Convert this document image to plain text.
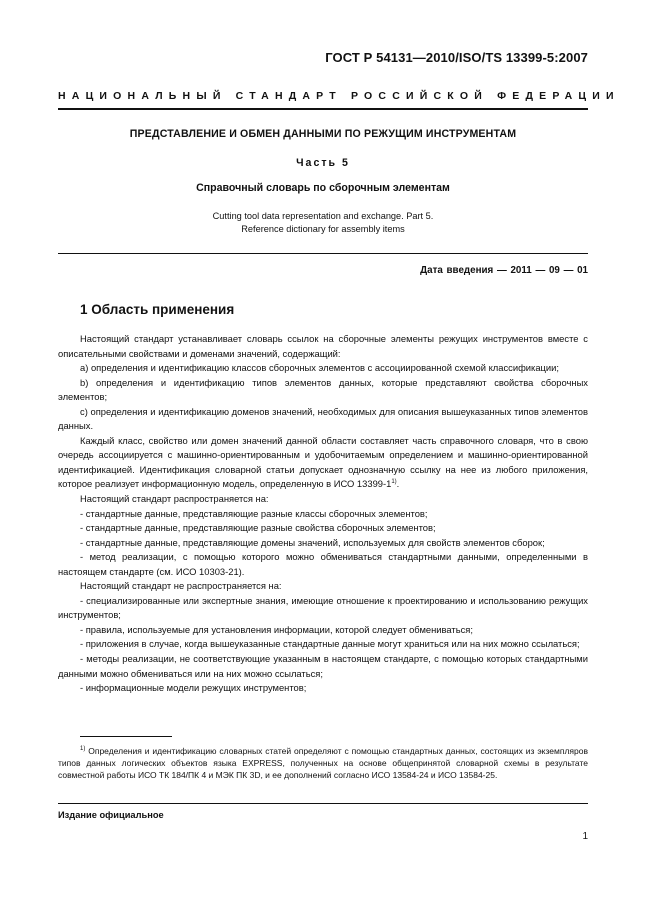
ГОСТ Р 54131—2010/ISO/TS 13399-5:2007
НАЦИОНАЛЬНЫЙ СТАНДАРТ РОССИЙСКОЙ ФЕДЕРАЦИИ
ПРЕДСТАВЛЕНИЕ И ОБМЕН ДАННЫМИ ПО РЕЖУЩИМ ИНСТРУМЕНТАМ
Часть 5
Справочный словарь по сборочным элементам
Cutting tool data representation and exchange. Part 5.
Reference dictionary for assembly items
Дата введения — 2011 — 09 — 01
1 Область применения

Настоящий стандарт устанавливает словарь ссылок на сборочные элементы режущих инструментов вместе с описательными свойствами и доменами значений, содержащий:

a) определения и идентификацию классов сборочных элементов с ассоциированной схемой классификации;

b) определения и идентификацию типов элементов данных, которые представляют свойства сборочных элементов;

c) определения и идентификацию доменов значений, необходимых для описания вышеуказанных типов элементов данных.

Каждый класс, свойство или домен значений данной области составляет часть справочного словаря, что в свою очередь ассоциируется с машинно-ориентированным и удобочитаемым определением и машинно-ориентированной идентификацией. Идентификация словарной статьи допускает однозначную ссылку на нее из любого приложения, которое реализует информационную модель, определенную в ИСО 13399-1$^{1)}$.

Настоящий стандарт распространяется на:

- стандартные данные, представляющие разные классы сборочных элементов;

- стандартные данные, представляющие разные свойства сборочных элементов;

- стандартные данные, представляющие домены значений, используемых для свойств элементов сборок;

- метод реализации, с помощью которого можно обмениваться стандартными данными, определенными в настоящем стандарте (см. ИСО 10303-21).

Настоящий стандарт не распространяется на:

- специализированные или экспертные знания, имеющие отношение к проектированию и использованию режущих инструментов;

- правила, используемые для установления информации, которой следует обмениваться;

- приложения в случае, когда вышеуказанные стандартные данные могут храниться или на них можно ссылаться;

- методы реализации, не соответствующие указанным в настоящем стандарте, с помощью которых стандартными данными можно обмениваться или на них можно ссылаться;

- информационные модели режущих инструментов;

$^{1)}$ Определения и идентификацию словарных статей определяют с помощью стандартных данных, состоящих из экземпляров типов данных логических объектов языка EXPRESS, полученных на основе общепринятой словарной схемы в результате совместной работы ИСО ТК 184/ПК 4 и МЭК ПК 3D, и ее дополнений согласно ИСО 13584-24 и ИСО 13584-25.

Издание официальное
1
